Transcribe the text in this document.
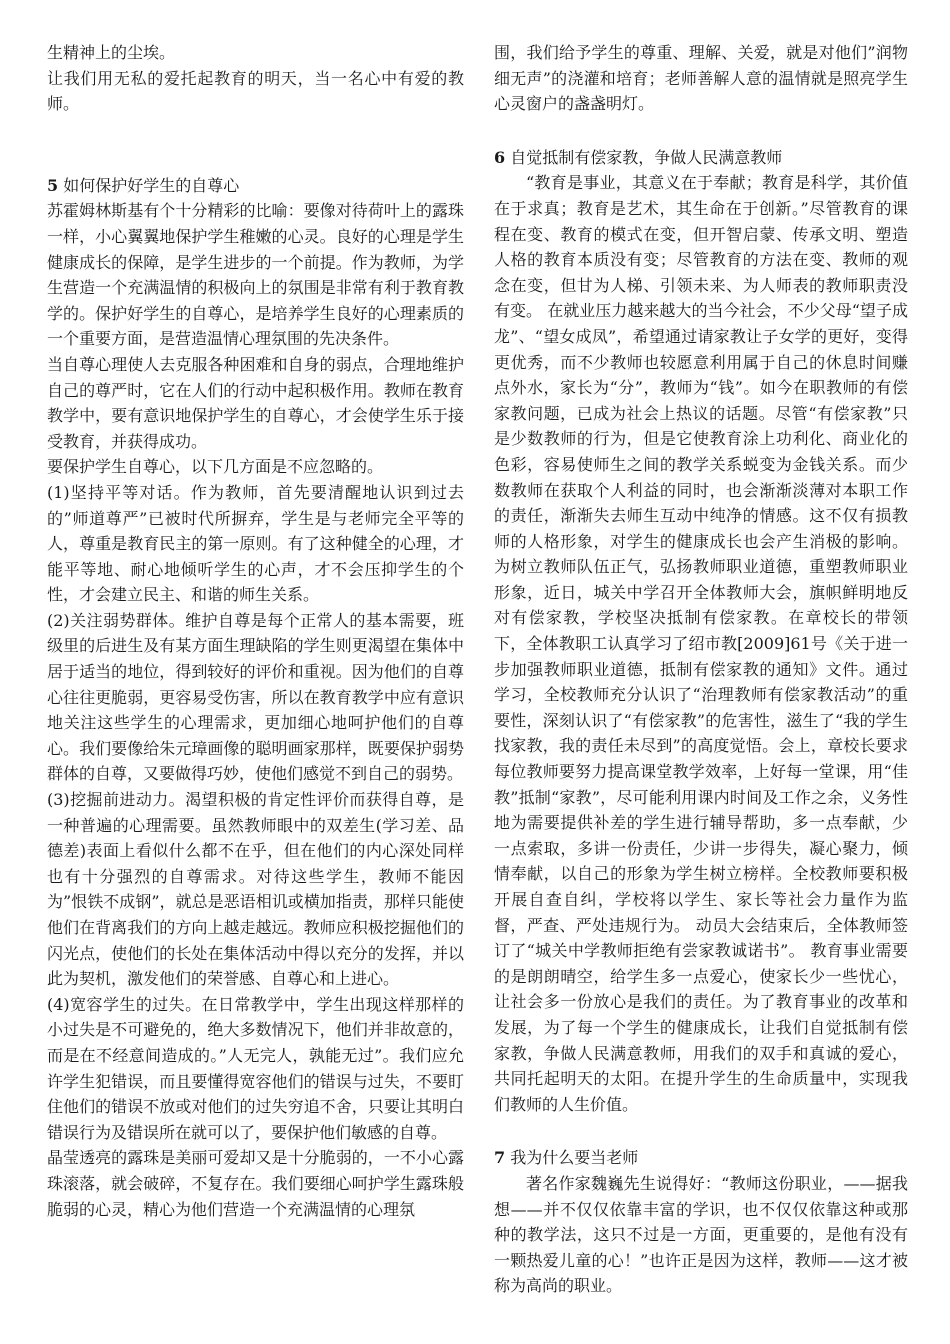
生精神上的尘埃。

让我们用无私的爱托起教育的明天，当一名心中有爱的教师。

5 如何保护好学生的自尊心

苏霍姆林斯基有个十分精彩的比喻：要像对待荷叶上的露珠一样，小心翼翼地保护学生稚嫩的心灵。良好的心理是学生健康成长的保障，是学生进步的一个前提。作为教师，为学生营造一个充满温情的积极向上的氛围是非常有利于教育教学的。保护好学生的自尊心，是培养学生良好的心理素质的一个重要方面，是营造温情心理氛围的先决条件。

当自尊心理使人去克服各种困难和自身的弱点，合理地维护自己的尊严时，它在人们的行动中起积极作用。教师在教育教学中，要有意识地保护学生的自尊心，才会使学生乐于接受教育，并获得成功。

要保护学生自尊心，以下几方面是不应忽略的。

(1)坚持平等对话。作为教师，首先要清醒地认识到过去的”师道尊严”已被时代所摒弃，学生是与老师完全平等的人，尊重是教育民主的第一原则。有了这种健全的心理，才能平等地、耐心地倾听学生的心声，才不会压抑学生的个性，才会建立民主、和谐的师生关系。

(2)关注弱势群体。维护自尊是每个正常人的基本需要，班级里的后进生及有某方面生理缺陷的学生则更渴望在集体中居于适当的地位，得到较好的评价和重视。因为他们的自尊心往往更脆弱，更容易受伤害，所以在教育教学中应有意识地关注这些学生的心理需求，更加细心地呵护他们的自尊心。我们要像给朱元璋画像的聪明画家那样，既要保护弱势群体的自尊，又要做得巧妙，使他们感觉不到自己的弱势。

(3)挖掘前进动力。渴望积极的肯定性评价而获得自尊，是一种普遍的心理需要。虽然教师眼中的双差生(学习差、品德差)表面上看似什么都不在乎，但在他们的内心深处同样也有十分强烈的自尊需求。对待这些学生，教师不能因为”恨铁不成钢”，就总是恶语相讥或横加指责，那样只能使他们在背离我们的方向上越走越远。教师应积极挖掘他们的闪光点，使他们的长处在集体活动中得以充分的发挥，并以此为契机，激发他们的荣誉感、自尊心和上进心。

(4)宽容学生的过失。在日常教学中，学生出现这样那样的小过失是不可避免的，绝大多数情况下，他们并非故意的，而是在不经意间造成的。”人无完人，孰能无过”。我们应允许学生犯错误，而且要懂得宽容他们的错误与过失，不要盯住他们的错误不放或对他们的过失穷追不舍，只要让其明白错误行为及错误所在就可以了，要保护他们敏感的自尊。

晶莹透亮的露珠是美丽可爱却又是十分脆弱的，一不小心露珠滚落，就会破碎，不复存在。我们要细心呵护学生露珠般脆弱的心灵，精心为他们营造一个充满温情的心理氛

围，我们给予学生的尊重、理解、关爱，就是对他们”润物细无声”的浇灌和培育；老师善解人意的温情就是照亮学生心灵窗户的盏盏明灯。

6 自觉抵制有偿家教，争做人民满意教师

“教育是事业，其意义在于奉献；教育是科学，其价值在于求真；教育是艺术，其生命在于创新。”尽管教育的课程在变、教育的模式在变，但开智启蒙、传承文明、塑造人格的教育本质没有变；尽管教育的方法在变、教师的观念在变，但甘为人梯、引领未来、为人师表的教师职责没有变。 在就业压力越来越大的当今社会，不少父母“望子成龙”、“望女成凤”，希望通过请家教让子女学的更好，变得更优秀，而不少教师也较愿意利用属于自己的休息时间赚点外水，家长为“分”，教师为“钱”。如今在职教师的有偿家教问题，已成为社会上热议的话题。尽管“有偿家教”只是少数教师的行为，但是它使教育涂上功利化、商业化的色彩，容易使师生之间的教学关系蜕变为金钱关系。而少数教师在获取个人利益的同时，也会渐渐淡薄对本职工作的责任，渐渐失去师生互动中纯净的情感。这不仅有损教师的人格形象，对学生的健康成长也会产生消极的影响。 为树立教师队伍正气，弘扬教师职业道德，重塑教师职业形象，近日，城关中学召开全体教师大会，旗帜鲜明地反对有偿家教，学校坚决抵制有偿家教。在章校长的带领下，全体教职工认真学习了绍市教[2009]61号《关于进一步加强教师职业道德，抵制有偿家教的通知》文件。通过学习，全校教师充分认识了“治理教师有偿家教活动”的重要性，深刻认识了“有偿家教”的危害性，滋生了“我的学生找家教，我的责任未尽到”的高度觉悟。会上，章校长要求每位教师要努力提高课堂教学效率，上好每一堂课，用“佳教”抵制“家教”，尽可能利用课内时间及工作之余，义务性地为需要提供补差的学生进行辅导帮助，多一点奉献，少一点索取，多讲一份责任，少讲一步得失，凝心聚力，倾情奉献，以自己的形象为学生树立榜样。全校教师要积极开展自查自纠，学校将以学生、家长等社会力量作为监督，严查、严处违规行为。 动员大会结束后，全体教师签订了“城关中学教师拒绝有尝家教诚诺书”。 教育事业需要的是朗朗晴空，给学生多一点爱心，使家长少一些忧心，让社会多一份放心是我们的责任。为了教育事业的改革和发展，为了每一个学生的健康成长，让我们自觉抵制有偿家教，争做人民满意教师，用我们的双手和真诚的爱心，共同托起明天的太阳。在提升学生的生命质量中，实现我们教师的人生价值。

7 我为什么要当老师

著名作家魏巍先生说得好：“教师这份职业，——据我想——并不仅仅依靠丰富的学识，也不仅仅依靠这种或那种的教学法，这只不过是一方面，更重要的，是他有没有一颗热爱儿童的心！”也许正是因为这样，教师——这才被称为高尚的职业。
